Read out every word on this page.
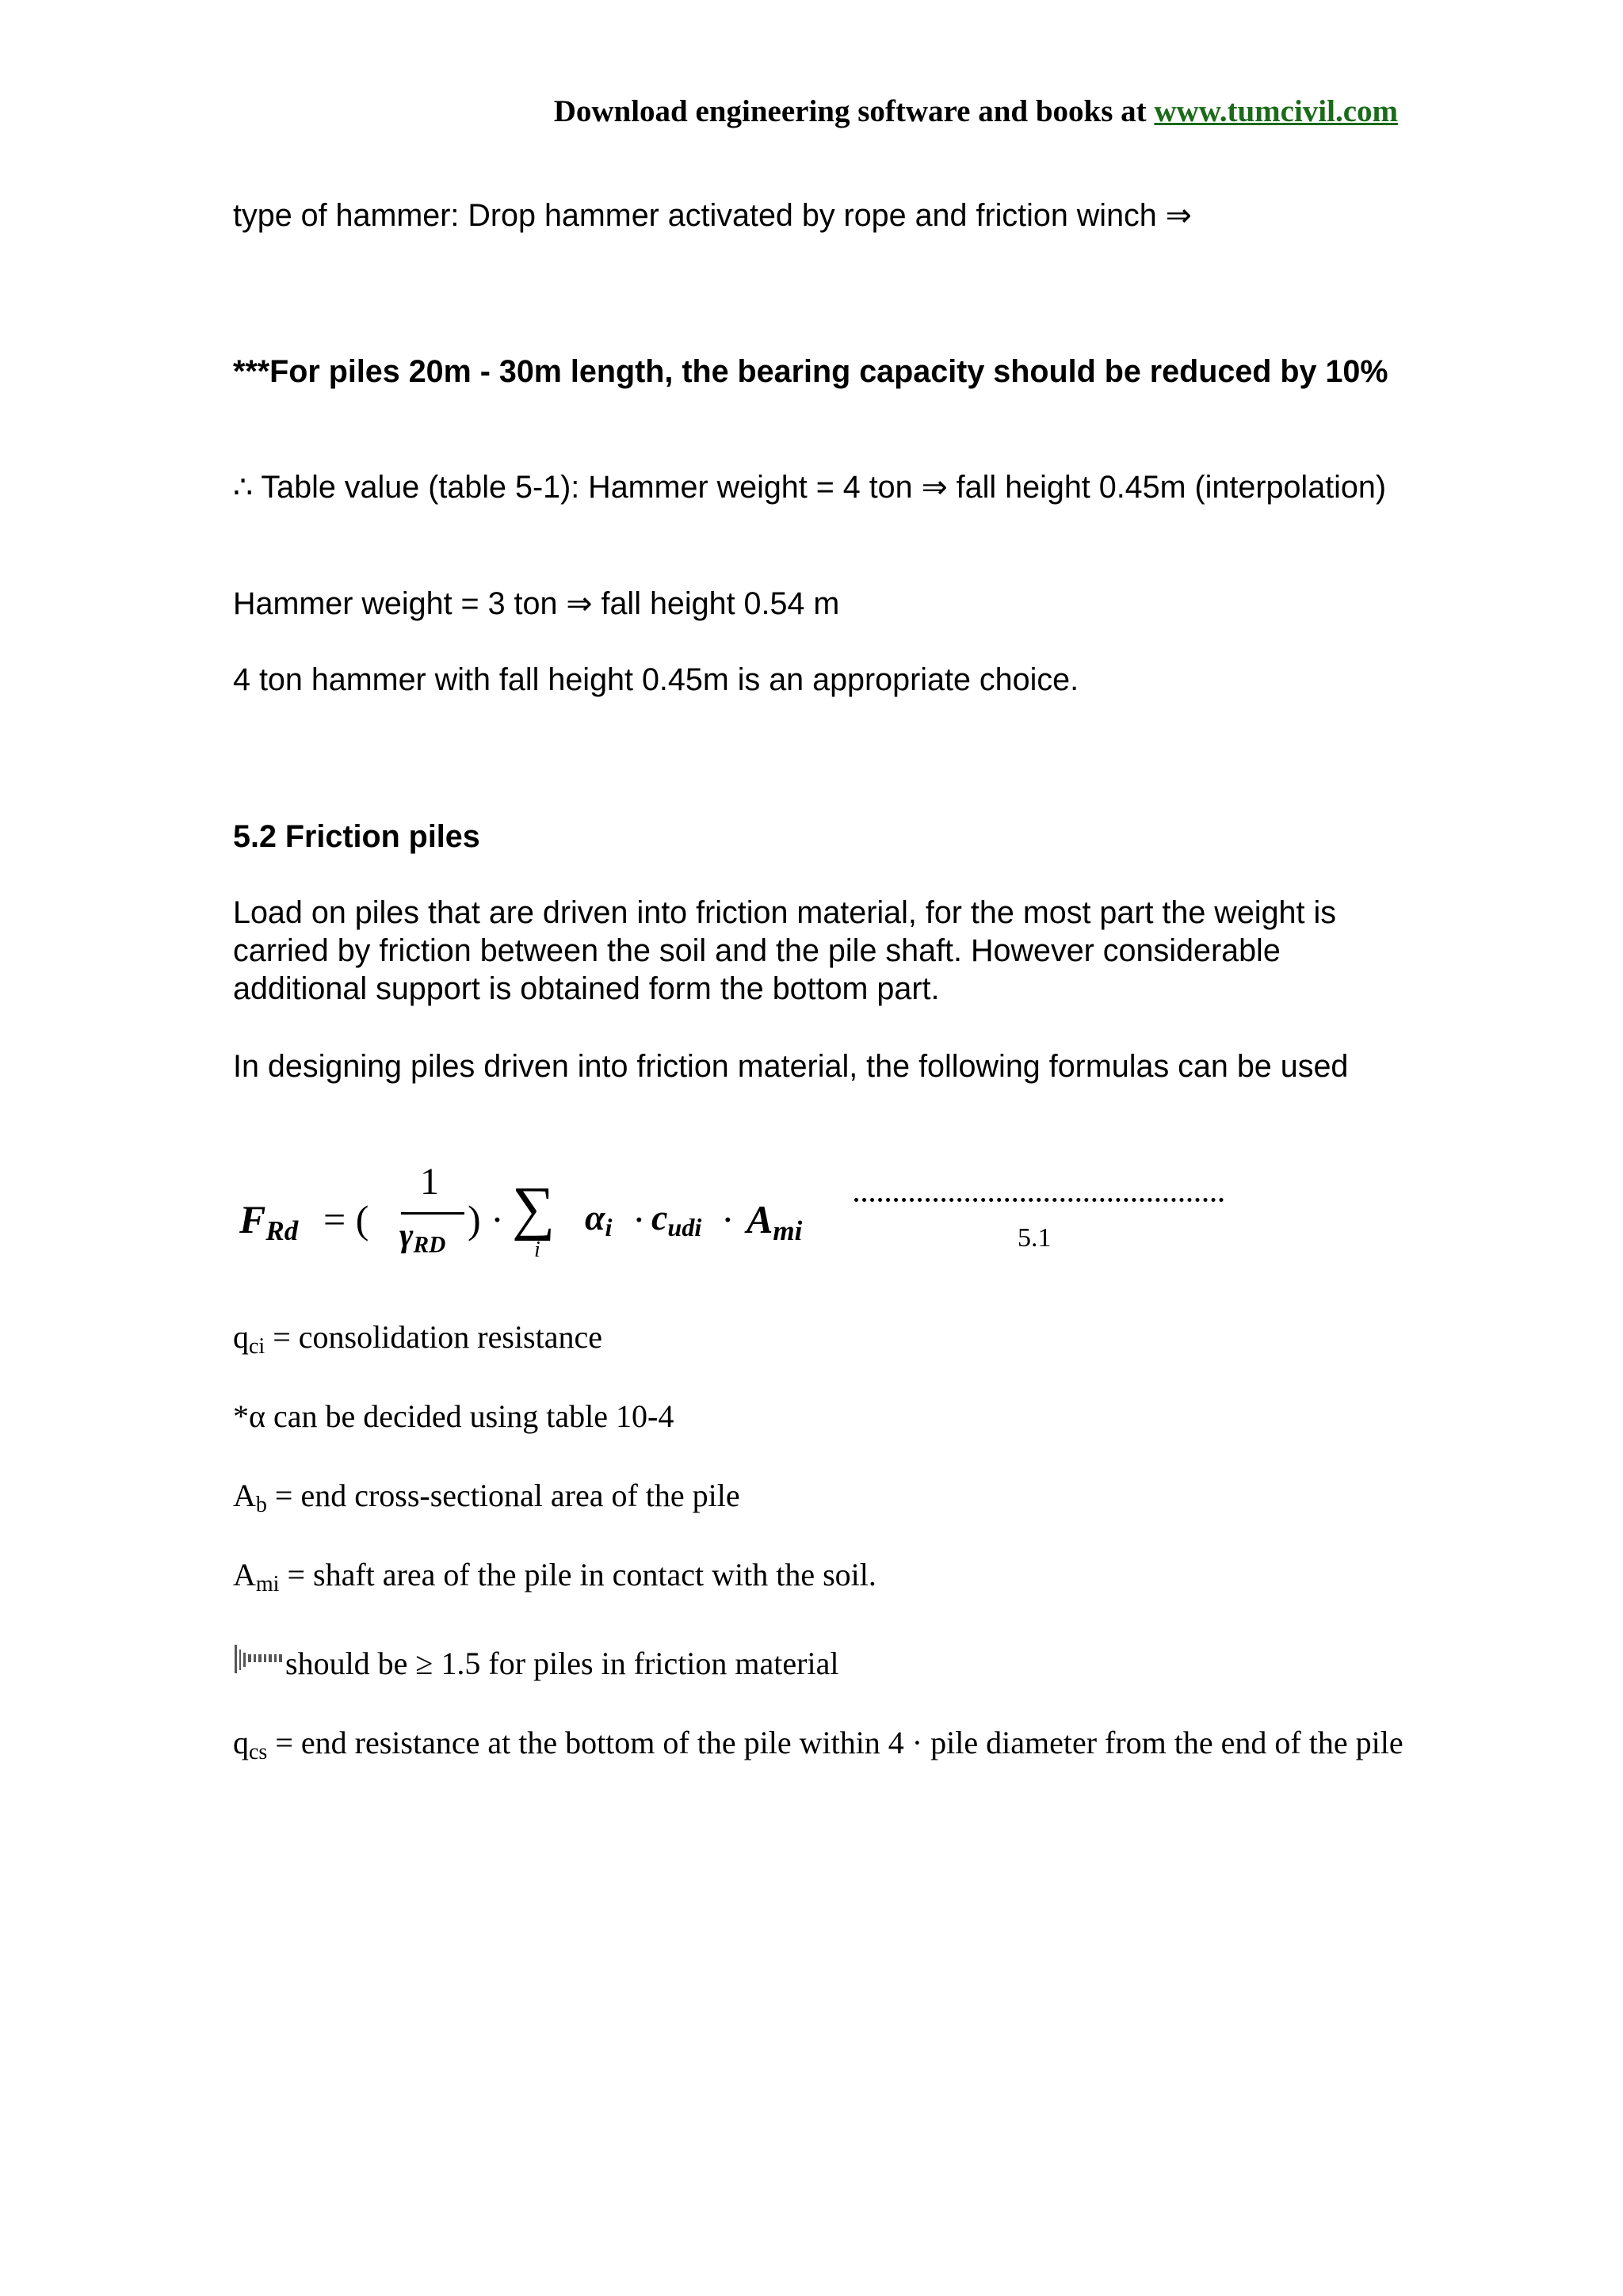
Download engineering software and books at www.tumcivil.com
type of hammer: Drop hammer activated by rope and friction winch ⇒
***For piles 20m - 30m length, the bearing capacity should be reduced by 10%
∴ Table value (table 5-1): Hammer weight = 4 ton ⇒ fall height 0.45m (interpolation)
Hammer weight = 3 ton ⇒ fall height 0.54 m
4 ton hammer with fall height 0.45m is an appropriate choice.
5.2 Friction piles
Load on piles that are driven into friction material, for the most part the weight is carried by friction between the soil and the pile shaft. However considerable additional support is obtained form the bottom part.
In designing piles driven into friction material, the following formulas can be used
$F_{Rd}$ = (
1
$\gamma_{RD}$
) · ∑
i
$\alpha_i \cdot c_{udi} \cdot A_{mi}$	5.1
$q_{ci}$ = consolidation resistance
*α can be decided using table 10-4
$A_b$ = end cross-sectional area of the pile
$A_{mi}$ = shaft area of the pile in contact with the soil.
should be ≥ 1.5 for piles in friction material
$q_{cs}$ = end resistance at the bottom of the pile within 4 · pile diameter from the end of the pile
